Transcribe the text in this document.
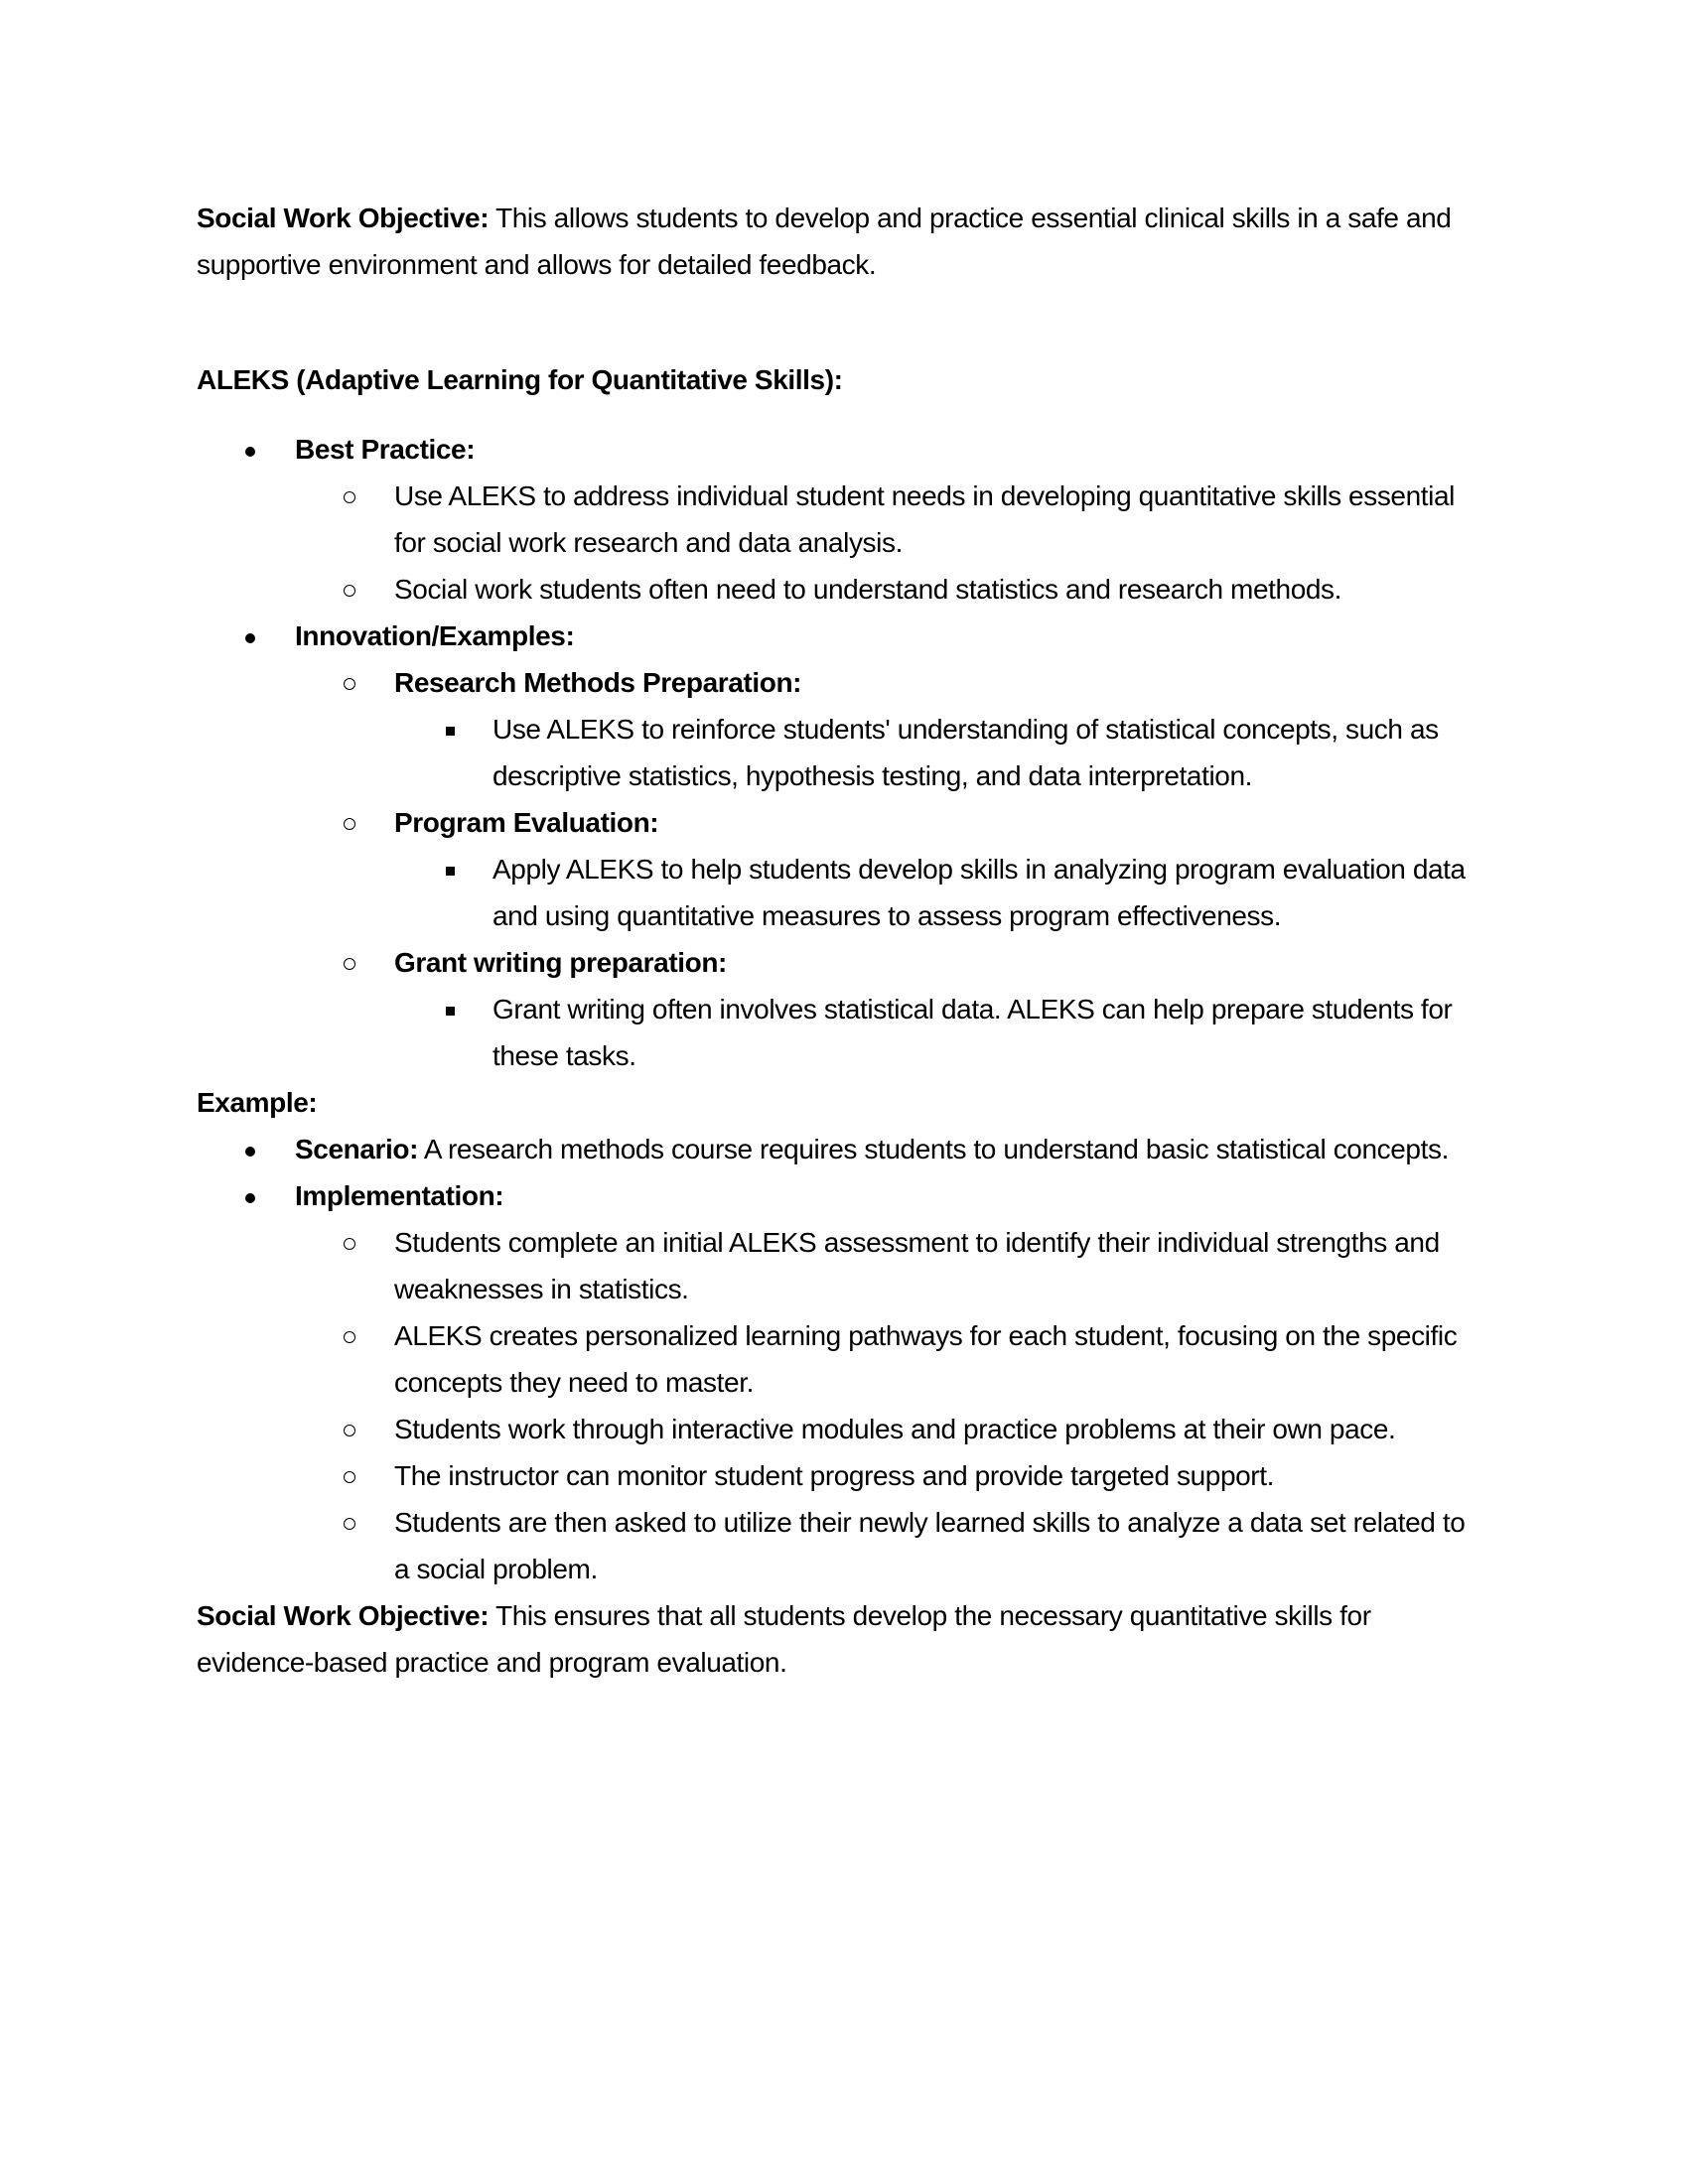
Social Work Objective: This allows students to develop and practice essential clinical skills in a safe and supportive environment and allows for detailed feedback.

ALEKS (Adaptive Learning for Quantitative Skills):

Best Practice:
Use ALEKS to address individual student needs in developing quantitative skills essential for social work research and data analysis.
Social work students often need to understand statistics and research methods.
Innovation/Examples:
Research Methods Preparation:
Use ALEKS to reinforce students' understanding of statistical concepts, such as descriptive statistics, hypothesis testing, and data interpretation.
Program Evaluation:
Apply ALEKS to help students develop skills in analyzing program evaluation data and using quantitative measures to assess program effectiveness.
Grant writing preparation:
Grant writing often involves statistical data. ALEKS can help prepare students for these tasks.

Example:

Scenario: A research methods course requires students to understand basic statistical concepts.
Implementation:
Students complete an initial ALEKS assessment to identify their individual strengths and weaknesses in statistics.
ALEKS creates personalized learning pathways for each student, focusing on the specific concepts they need to master.
Students work through interactive modules and practice problems at their own pace.
The instructor can monitor student progress and provide targeted support.
Students are then asked to utilize their newly learned skills to analyze a data set related to a social problem.

Social Work Objective: This ensures that all students develop the necessary quantitative skills for evidence-based practice and program evaluation.
